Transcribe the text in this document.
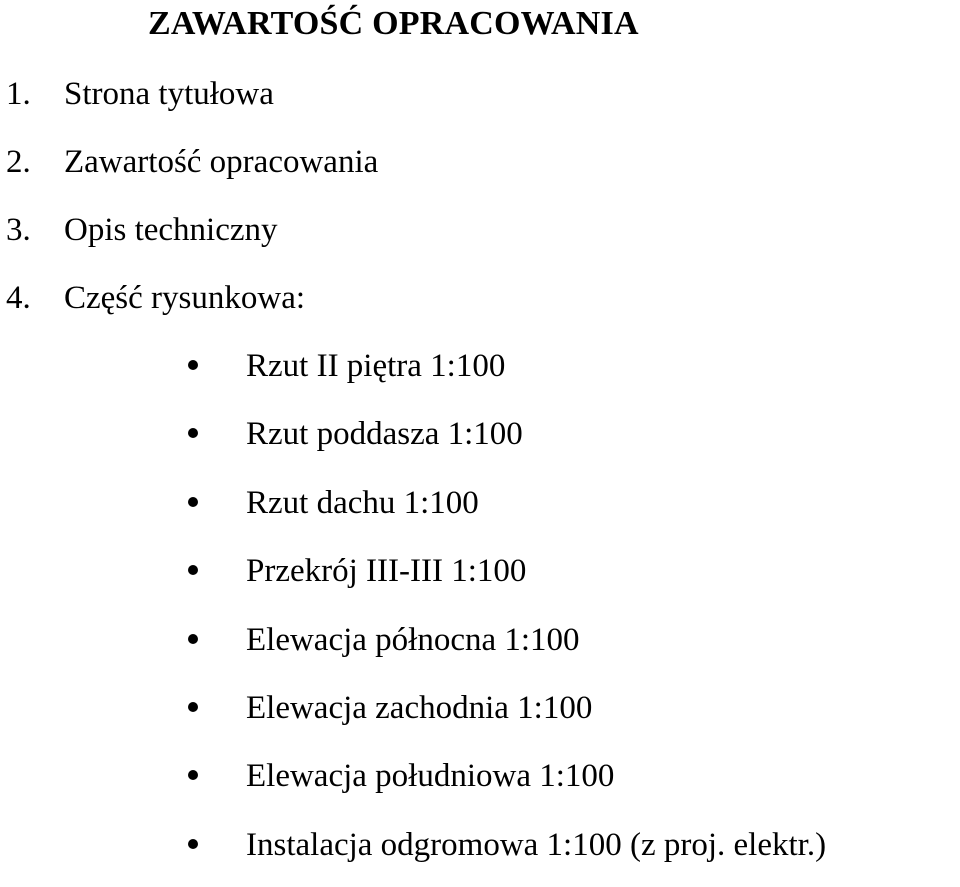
ZAWARTOŚĆ OPRACOWANIA
1.	Strona tytułowa
2.	Zawartość opracowania
3.	Opis techniczny
4.	Część rysunkowa:
Rzut II piętra 1:100
Rzut poddasza 1:100
Rzut dachu 1:100
Przekrój III-III 1:100
Elewacja północna 1:100
Elewacja zachodnia 1:100
Elewacja południowa 1:100
Instalacja odgromowa 1:100 (z proj. elektr.)
